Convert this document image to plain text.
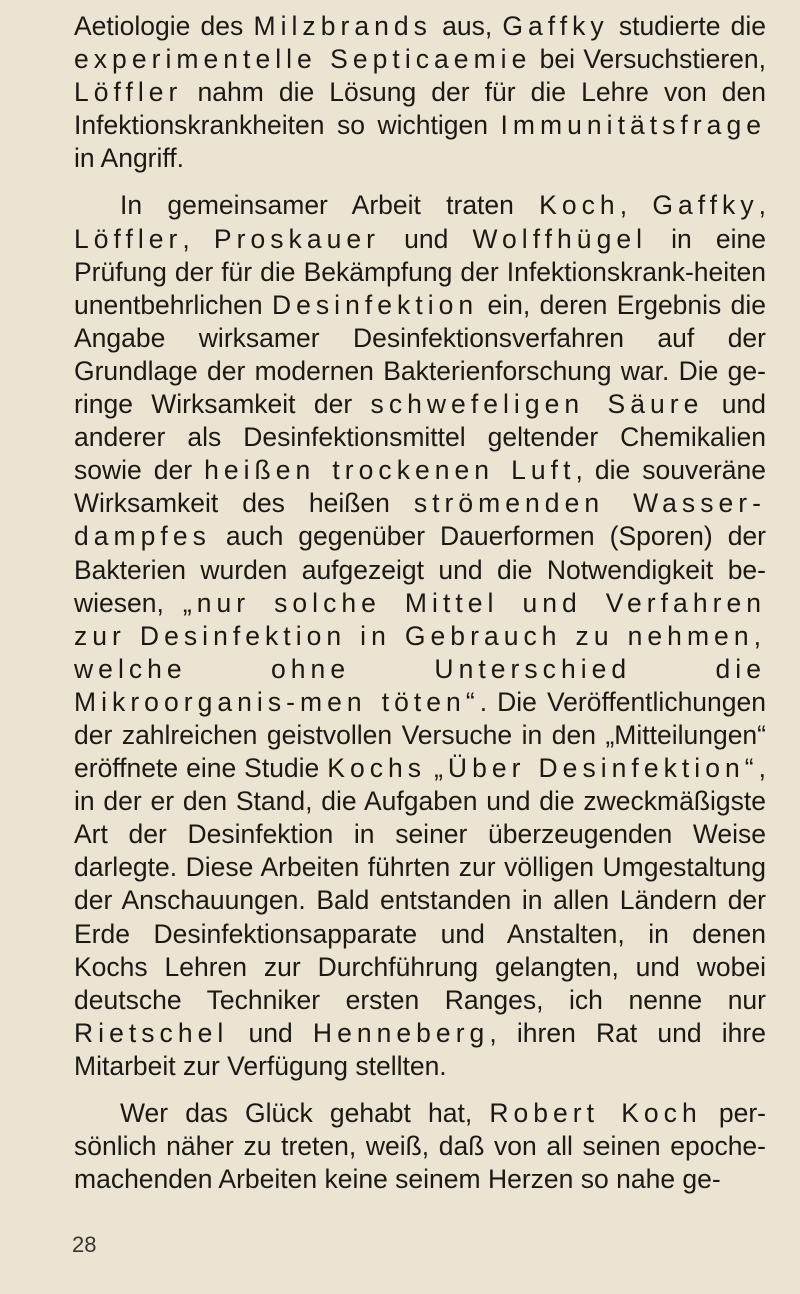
Aetiologie des Milzbrands aus, Gaffky studierte die experimentelle Septicaemie bei Versuchstieren, Löffler nahm die Lösung der für die Lehre von den Infektionskrankheiten so wichtigen Immunitätsfrage in Angriff.

In gemeinsamer Arbeit traten Koch, Gaffky, Löffler, Proskauer und Wolffhügel in eine Prüfung der für die Bekämpfung der Infektionskrank-heiten unentbehrlichen Desinfektion ein, deren Ergebnis die Angabe wirksamer Desinfektionsverfahren auf der Grundlage der modernen Bakterienforschung war. Die ge-ringe Wirksamkeit der schwefeligen Säure und anderer als Desinfektionsmittel geltender Chemikalien sowie der heißen trockenen Luft, die souveräne Wirksamkeit des heißen strömenden Wasser-dampfes auch gegenüber Dauerformen (Sporen) der Bakterien wurden aufgezeigt und die Notwendigkeit be-wiesen, „nur solche Mittel und Verfahren zur Desinfektion in Gebrauch zu nehmen, welche ohne Unterschied die Mikroorganis-men töten“. Die Veröffentlichungen der zahlreichen geistvollen Versuche in den „Mitteilungen“ eröffnete eine Studie Kochs „Über Desinfektion“, in der er den Stand, die Aufgaben und die zweckmäßigste Art der Desinfektion in seiner überzeugenden Weise darlegte. Diese Arbeiten führten zur völligen Umgestaltung der Anschauungen. Bald entstanden in allen Ländern der Erde Desinfektionsapparate und Anstalten, in denen Kochs Lehren zur Durchführung gelangten, und wobei deutsche Techniker ersten Ranges, ich nenne nur Rietschel und Henneberg, ihren Rat und ihre Mitarbeit zur Verfügung stellten.

Wer das Glück gehabt hat, Robert Koch per-sönlich näher zu treten, weiß, daß von all seinen epoche-machenden Arbeiten keine seinem Herzen so nahe ge-

28
